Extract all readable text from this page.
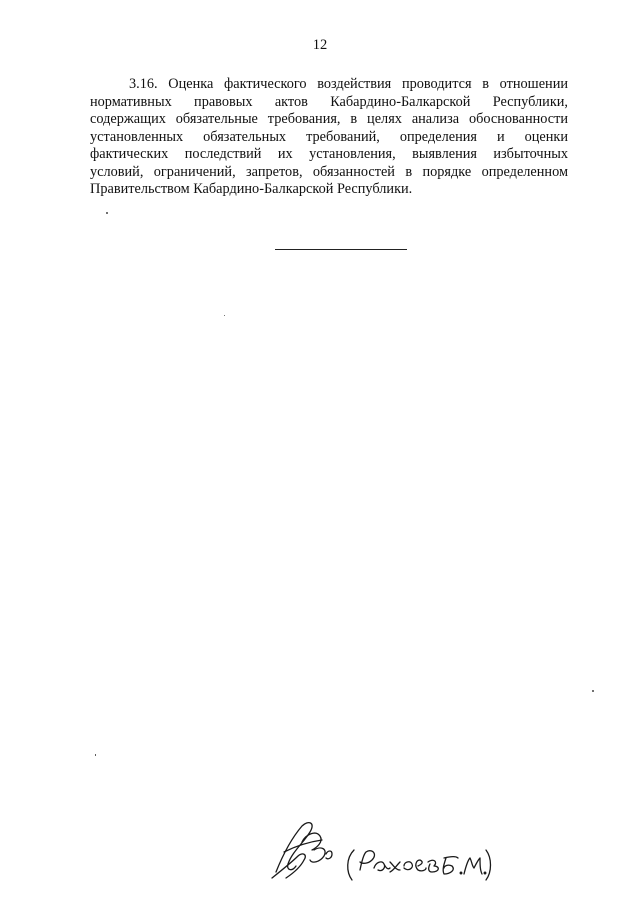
12
3.16. Оценка фактического воздействия проводится в отношении
нормативных правовых актов Кабардино-Балкарской Республики,
содержащих обязательные требования, в целях анализа обоснованности
установленных обязательных требований, определения и оценки
фактических последствий их установления, выявления избыточных
условий, ограничений, запретов, обязанностей в порядке определенном
Правительством Кабардино-Балкарской Республики.
